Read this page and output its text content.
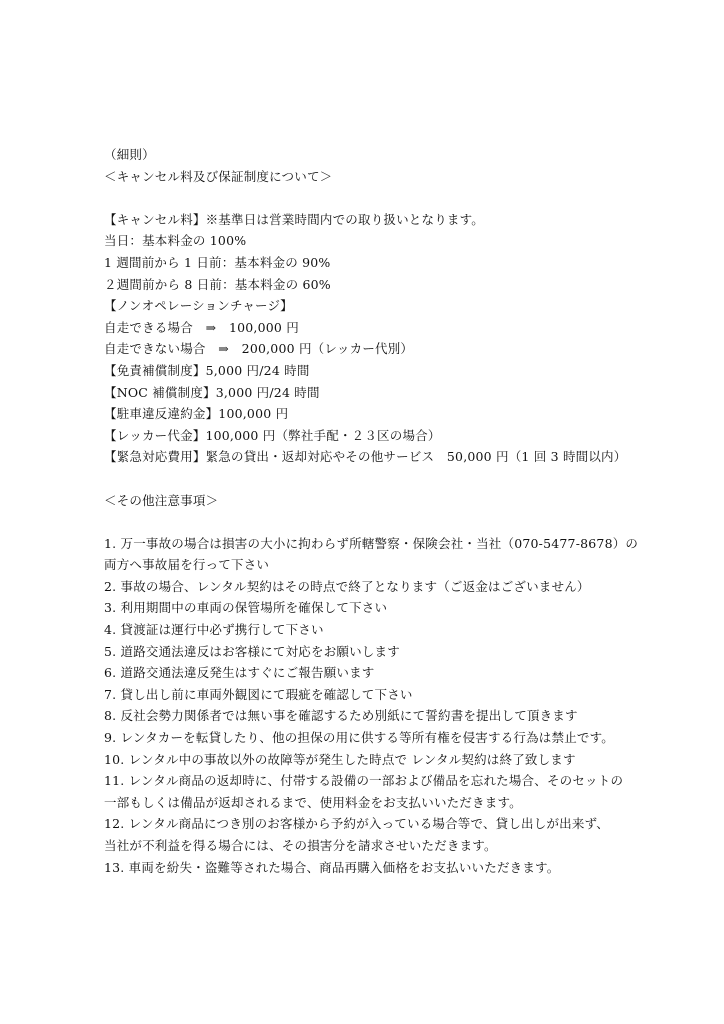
（細則）
＜キャンセル料及び保証制度について＞
【キャンセル料】※基準日は営業時間内での取り扱いとなります。
当日：基本料金の 100%
1 週間前から 1 日前：基本料金の 90%
２週間前から 8 日前：基本料金の 60%
【ノンオペレーションチャージ】
自走できる場合　⇒　100,000 円
自走できない場合　⇒　200,000 円（レッカー代別）
【免責補償制度】5,000 円/24 時間
【NOC 補償制度】3,000 円/24 時間
【駐車違反違約金】100,000 円
【レッカー代金】100,000 円（弊社手配・２３区の場合）
【緊急対応費用】緊急の貸出・返却対応やその他サービス　50,000 円（1 回 3 時間以内）
＜その他注意事項＞
1. 万一事故の場合は損害の大小に拘わらず所轄警察・保険会社・当社（070-5477-8678）の
両方へ事故届を行って下さい
2. 事故の場合、レンタル契約はその時点で終了となります（ご返金はございません）
3. 利用期間中の車両の保管場所を確保して下さい
4. 貸渡証は運行中必ず携行して下さい
5. 道路交通法違反はお客様にて対応をお願いします
6. 道路交通法違反発生はすぐにご報告願います
7. 貸し出し前に車両外観図にて瑕疵を確認して下さい
8. 反社会勢力関係者では無い事を確認するため別紙にて誓約書を提出して頂きます
9. レンタカーを転貸したり、他の担保の用に供する等所有権を侵害する行為は禁止です。
10. レンタル中の事故以外の故障等が発生した時点で レンタル契約は終了致します
11. レンタル商品の返却時に、付帯する設備の一部および備品を忘れた場合、そのセットの
一部もしくは備品が返却されるまで、使用料金をお支払いいただきます。
12. レンタル商品につき別のお客様から予約が入っている場合等で、貸し出しが出来ず、
当社が不利益を得る場合には、その損害分を請求させいただきます。
13. 車両を紛失・盗難等された場合、商品再購入価格をお支払いいただきます。
